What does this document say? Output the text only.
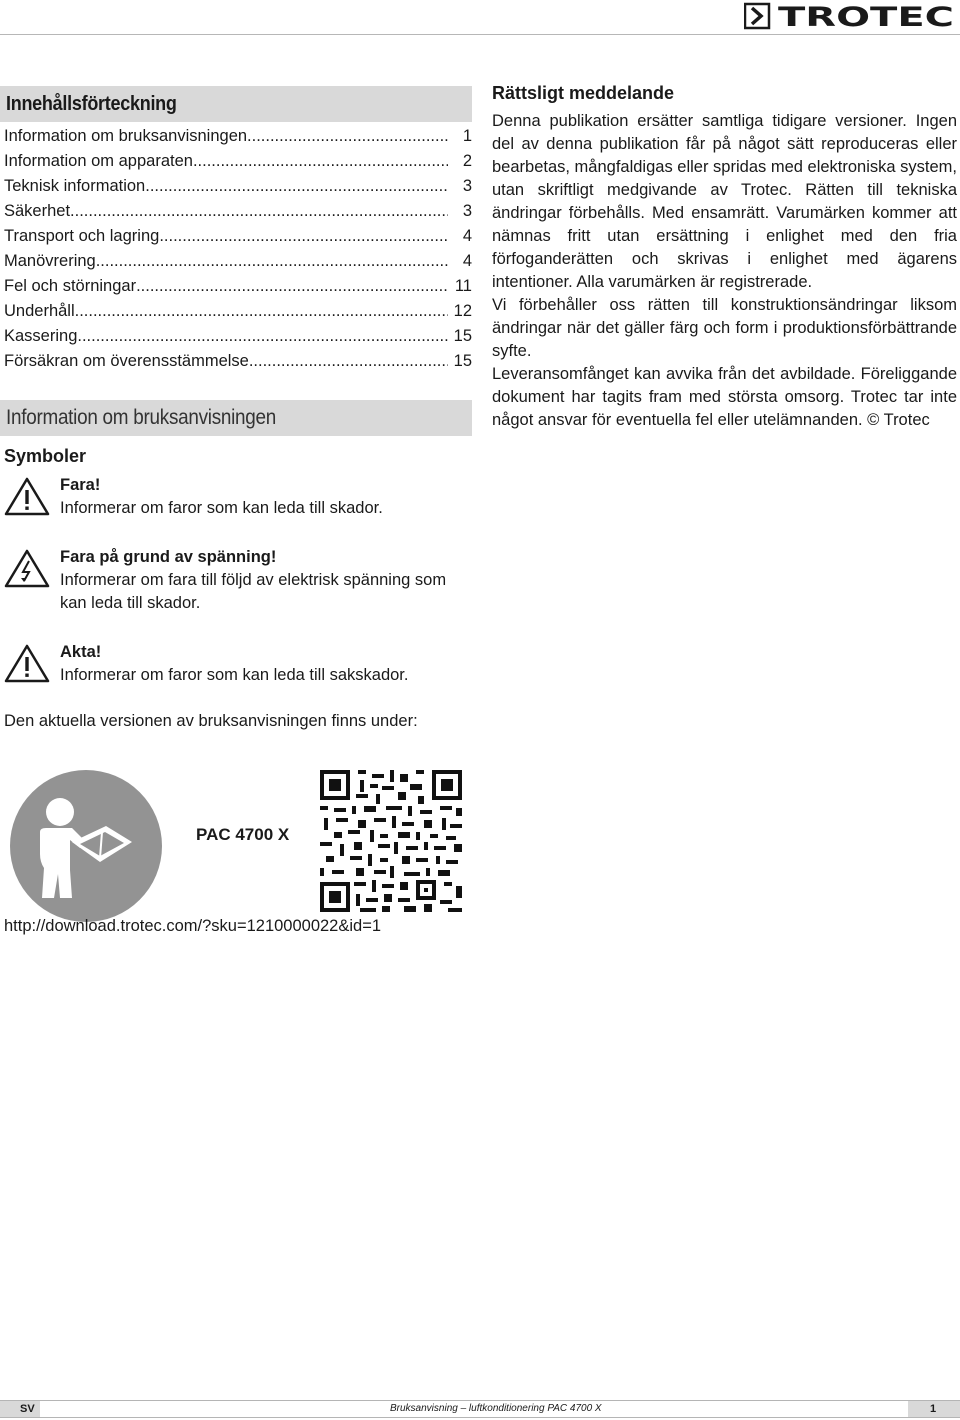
TROTEC
Innehållsförteckning
Information om bruksanvisningen .....	1
Information om apparaten .....	2
Teknisk information .....	3
Säkerhet .....	3
Transport och lagring .....	4
Manövrering .....	4
Fel och störningar .....	11
Underhåll .....	12
Kassering .....	15
Försäkran om överensstämmelse .....	15
Information om bruksanvisningen
Symboler
Fara!
Informerar om faror som kan leda till skador.
Fara på grund av spänning!
Informerar om fara till följd av elektrisk spänning som kan leda till skador.
Akta!
Informerar om faror som kan leda till sakskador.
Den aktuella versionen av bruksanvisningen finns under:
PAC 4700 X
http://download.trotec.com/?sku=1210000022&id=1
Rättsligt meddelande

Denna publikation ersätter samtliga tidigare versioner. Ingen del av denna publikation får på något sätt reproduceras eller bearbetas, mångfaldigas eller spridas med elektroniska system, utan skriftligt medgivande av Trotec. Rätten till tekniska ändringar förbehålls. Med ensamrätt. Varumärken kommer att nämnas fritt utan ersättning i enlighet med den fria förfoganderätten och skrivas i enlighet med ägarens intentioner. Alla varumärken är registrerade.

Vi förbehåller oss rätten till konstruktionsändringar liksom ändringar när det gäller färg och form i produktionsförbättrande syfte.

Leveransomfånget kan avvika från det avbildade. Föreliggande dokument har tagits fram med största omsorg. Trotec tar inte något ansvar för eventuella fel eller utelämnanden. © Trotec

SV	Bruksanvisning – luftkonditionering PAC 4700 X	1
